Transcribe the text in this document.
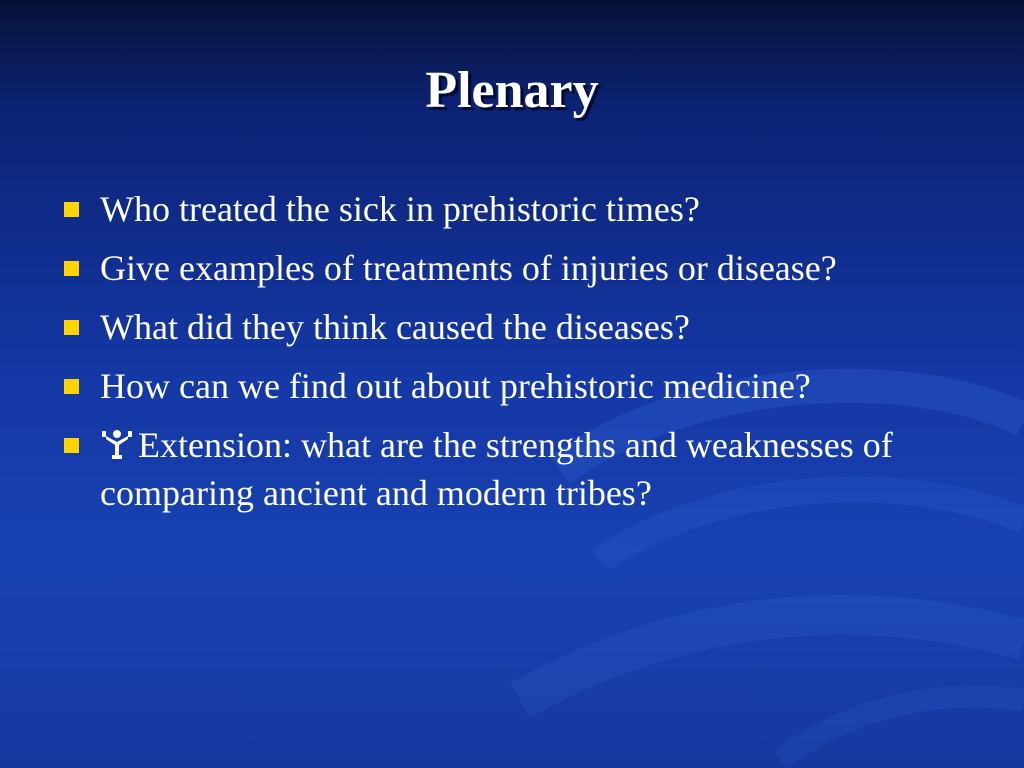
Plenary
Who treated the sick in prehistoric times?
Give examples of treatments of injuries or disease?
What did they think caused the diseases?
How can we find out about prehistoric medicine?
Extension: what are the strengths and weaknesses of comparing ancient and modern tribes?
